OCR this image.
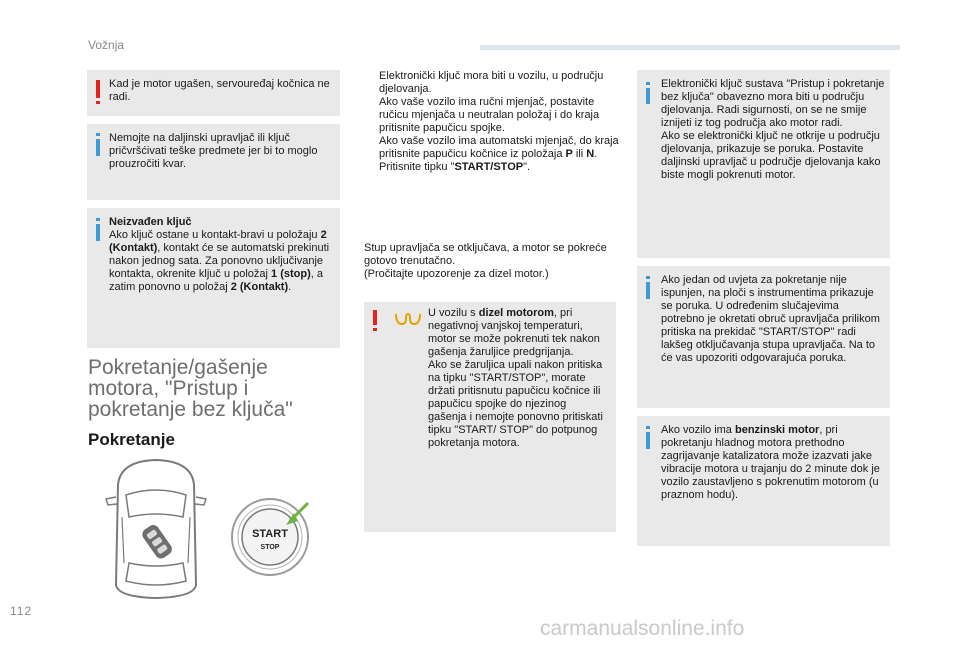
Vožnja

Kad je motor ugašen, servouređaj kočnica ne radi.

Nemojte na daljinski upravljač ili ključ pričvršćivati teške predmete jer bi to moglo prouzročiti kvar.

Neizvađen ključ
Ako ključ ostane u kontakt-bravi u položaju 2 (Kontakt), kontakt će se automatski prekinuti nakon jednog sata. Za ponovno uključivanje kontakta, okrenite ključ u položaj 1 (stop), a zatim ponovno u položaj 2 (Kontakt).
Pokretanje/gašenje motora, "Pristup i pokretanje bez ključa"
Pokretanje
START
STOP
Elektronički ključ mora biti u vozilu, u području djelovanja.
Ako vaše vozilo ima ručni mjenjač, postavite ručicu mjenjača u neutralan položaj i do kraja pritisnite papučicu spojke.
Ako vaše vozilo ima automatski mjenjač, do kraja pritisnite papučicu kočnice iz položaja P ili N.
Pritisnite tipku "START/STOP".
Stup upravljača se otključava, a motor se pokreće gotovo trenutačno.
(Pročitajte upozorenje za dizel motor.)
U vozilu s dizel motorom, pri negativnoj vanjskoj temperaturi, motor se može pokrenuti tek nakon gašenja žaruljice predgrijanja.
Ako se žaruljica upali nakon pritiska na tipku "START/STOP", morate držati pritisnutu papučicu kočnice ili papučicu spojke do njezinog gašenja i nemojte ponovno pritiskati tipku "START/ STOP" do potpunog pokretanja motora.
Elektronički ključ sustava "Pristup i pokretanje bez ključa" obavezno mora biti u području djelovanja. Radi sigurnosti, on se ne smije izniјeti iz tog područja ako motor radi.
Ako se elektronički ključ ne otkrije u području djelovanja, prikazuje se poruka. Postavite daljinski upravljač u područje djelovanja kako biste mogli pokrenuti motor.

Ako jedan od uvjeta za pokretanje nije ispunjen, na ploči s instrumentima prikazuje se poruka. U određenim slučajevima potrebno je okretati obruč upravljača prilikom pritiska na prekidač "START/STOP" radi lakšeg otključavanja stupa upravljača. Na to će vas upozoriti odgovarajuća poruka.

Ako vozilo ima benzinski motor, pri pokretanju hladnog motora prethodno zagrijavanje katalizatora može izazvati jake vibracije motora u trajanju do 2 minute dok je vozilo zaustavljeno s pokrenutim motorom (u praznom hodu).
112
carmanualsonline.info
